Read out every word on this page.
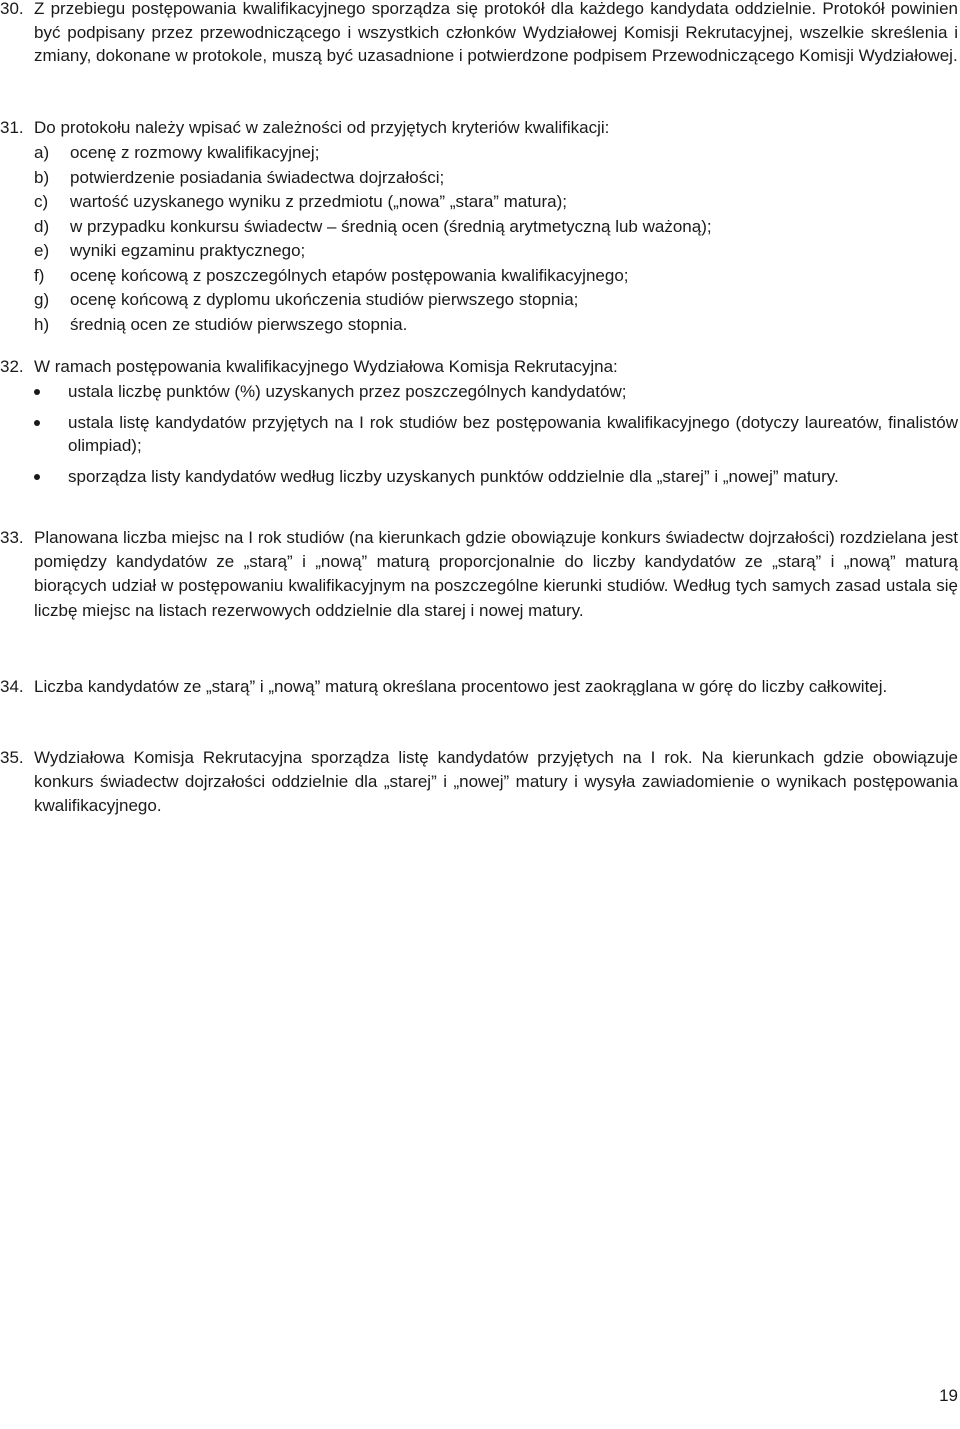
30. Z przebiegu postępowania kwalifikacyjnego sporządza się protokół dla każdego kandydata oddzielnie. Protokół powinien być podpisany przez przewodniczącego i wszystkich członków Wydziałowej Komisji Rekrutacyjnej, wszelkie skreślenia i zmiany, dokonane w protokole, muszą być uzasadnione i potwierdzone podpisem Przewodniczącego Komisji Wydziałowej.
31. Do protokołu należy wpisać w zależności od przyjętych kryteriów kwalifikacji:
a) ocenę z rozmowy kwalifikacyjnej;
b) potwierdzenie posiadania świadectwa dojrzałości;
c) wartość uzyskanego wyniku z przedmiotu („nowa” „stara” matura);
d) w przypadku konkursu świadectw – średnią ocen (średnią arytmetyczną lub ważoną);
e) wyniki egzaminu praktycznego;
f) ocenę końcową z poszczególnych etapów postępowania kwalifikacyjnego;
g) ocenę końcową z dyplomu ukończenia studiów pierwszego stopnia;
h) średnią ocen ze studiów pierwszego stopnia.
32. W ramach postępowania kwalifikacyjnego Wydziałowa Komisja Rekrutacyjna:
ustala liczbę punktów (%) uzyskanych przez poszczególnych kandydatów;
ustala listę kandydatów przyjętych na I rok studiów bez postępowania kwalifikacyjnego (dotyczy laureatów, finalistów olimpiad);
sporządza listy kandydatów według liczby uzyskanych punktów oddzielnie dla „starej” i „nowej” matury.
33. Planowana liczba miejsc na I rok studiów (na kierunkach gdzie obowiązuje konkurs świadectw dojrzałości) rozdzielana jest pomiędzy kandydatów ze „starą” i „nową” maturą proporcjonalnie do liczby kandydatów ze „starą” i „nową” maturą biorących udział w postępowaniu kwalifikacyjnym na poszczególne kierunki studiów. Według tych samych zasad ustala się liczbę miejsc na listach rezerwowych oddzielnie dla starej i nowej matury.
34. Liczba kandydatów ze „starą” i „nową” maturą określana procentowo jest zaokrąglana w górę do liczby całkowitej.
35. Wydziałowa Komisja Rekrutacyjna sporządza listę kandydatów przyjętych na I rok. Na kierunkach gdzie obowiązuje konkurs świadectw dojrzałości oddzielnie dla „starej” i „nowej” matury i wysyła zawiadomienie o wynikach postępowania kwalifikacyjnego.
19
